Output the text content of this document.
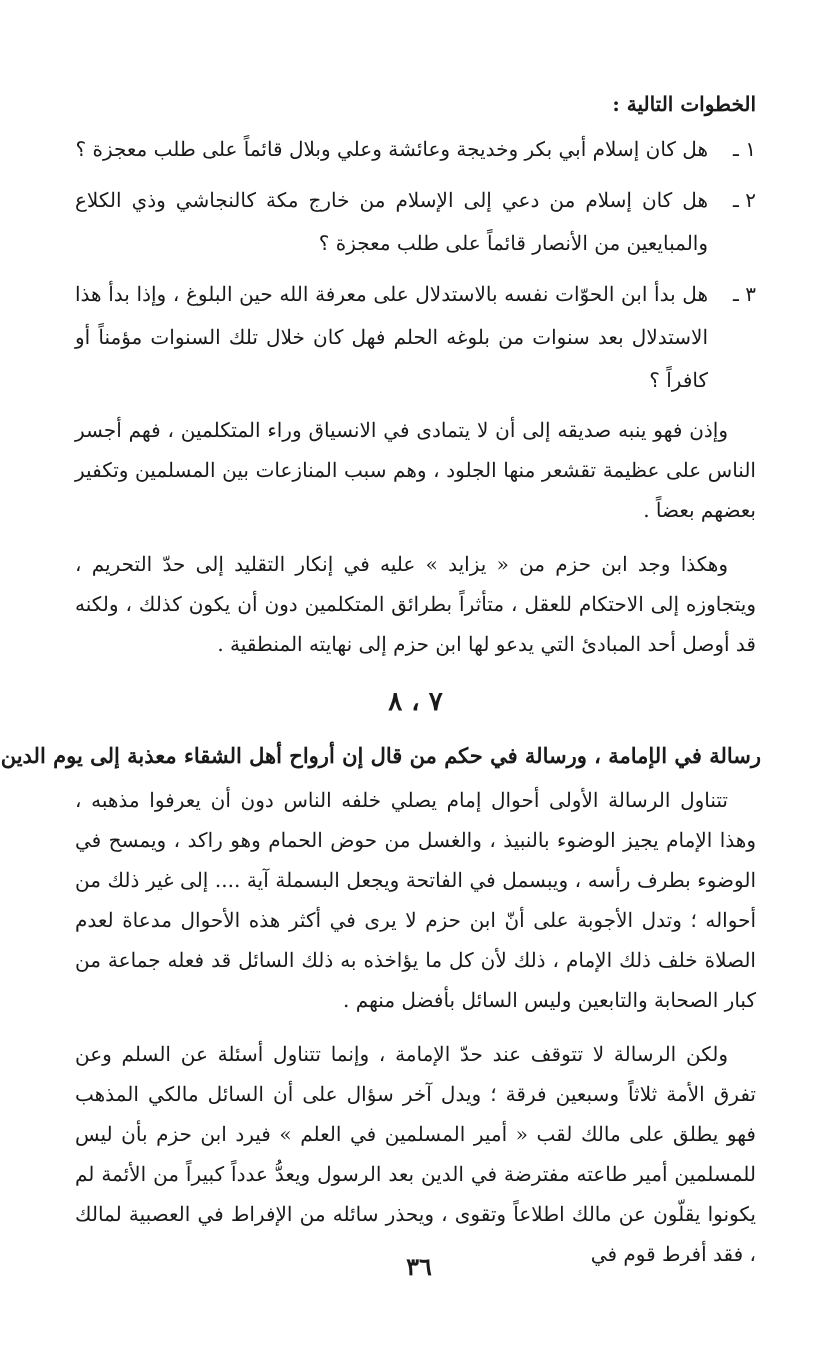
الخطوات التالية :
١ ـ
هل كان إسلام أبي بكر وخديجة وعائشة وعلي وبلال قائماً على طلب معجزة ؟
٢ ـ
هل كان إسلام من دعي إلى الإسلام من خارج مكة كالنجاشي وذي الكلاع والمبايعين من الأنصار قائماً على طلب معجزة ؟
٣ ـ
هل بدأ ابن الحوّات نفسه بالاستدلال على معرفة الله حين البلوغ ، وإذا بدأ هذا الاستدلال بعد سنوات من بلوغه الحلم فهل كان خلال تلك السنوات مؤمناً أو كافراً ؟

وإذن فهو ينبه صديقه إلى أن لا يتمادى في الانسياق وراء المتكلمين ، فهم أجسر الناس على عظيمة تقشعر منها الجلود ، وهم سبب المنازعات بين المسلمين وتكفير بعضهم بعضاً .

وهكذا وجد ابن حزم من « يزايد » عليه في إنكار التقليد إلى حدّ التحريم ، ويتجاوزه إلى الاحتكام للعقل ، متأثراً بطرائق المتكلمين دون أن يكون كذلك ، ولكنه قد أوصل أحد المبادئ التي يدعو لها ابن حزم إلى نهايته المنطقية .

٧ ، ٨
رسالة في الإمامة ، ورسالة في حكم من قال إن أرواح أهل الشقاء معذبة إلى يوم الدين

تتناول الرسالة الأولى أحوال إمام يصلي خلفه الناس دون أن يعرفوا مذهبه ، وهذا الإمام يجيز الوضوء بالنبيذ ، والغسل من حوض الحمام وهو راكد ، ويمسح في الوضوء بطرف رأسه ، ويبسمل في الفاتحة ويجعل البسملة آية .... إلى غير ذلك من أحواله ؛ وتدل الأجوبة على أنّ ابن حزم لا يرى في أكثر هذه الأحوال مدعاة لعدم الصلاة خلف ذلك الإمام ، ذلك لأن كل ما يؤاخذه به ذلك السائل قد فعله جماعة من كبار الصحابة والتابعين وليس السائل بأفضل منهم .

ولكن الرسالة لا تتوقف عند حدّ الإمامة ، وإنما تتناول أسئلة عن السلم وعن تفرق الأمة ثلاثاً وسبعين فرقة ؛ ويدل آخر سؤال على أن السائل مالكي المذهب فهو يطلق على مالك لقب « أمير المسلمين في العلم » فيرد ابن حزم بأن ليس للمسلمين أمير طاعته مفترضة في الدين بعد الرسول ويعدُّ عدداً كبيراً من الأئمة لم يكونوا يقلّون عن مالك اطلاعاً وتقوى ، ويحذر سائله من الإفراط في العصبية لمالك ، فقد أفرط قوم في

٣٦
